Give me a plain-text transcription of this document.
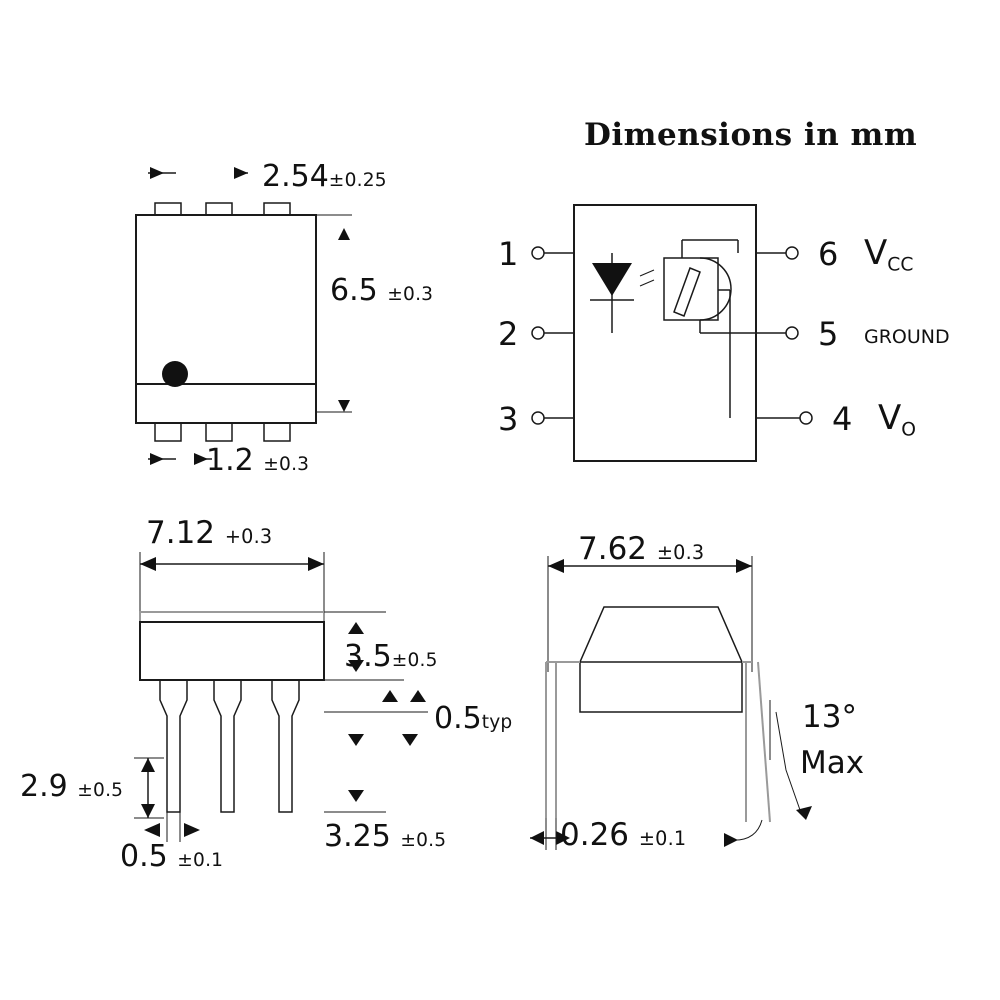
Dimensions in mm
2.54±0.25
6.5 ±0.3
1.2 ±0.3
1
2
3
6 $V_{CC}$
5 GROUND
4 $V_O$
7.12 +0.3
3.5±0.5
0.5typ
3.25 ±0.5
2.9 ±0.5
0.5 ±0.1
7.62 ±0.3
0.26 ±0.1
13°
Max
